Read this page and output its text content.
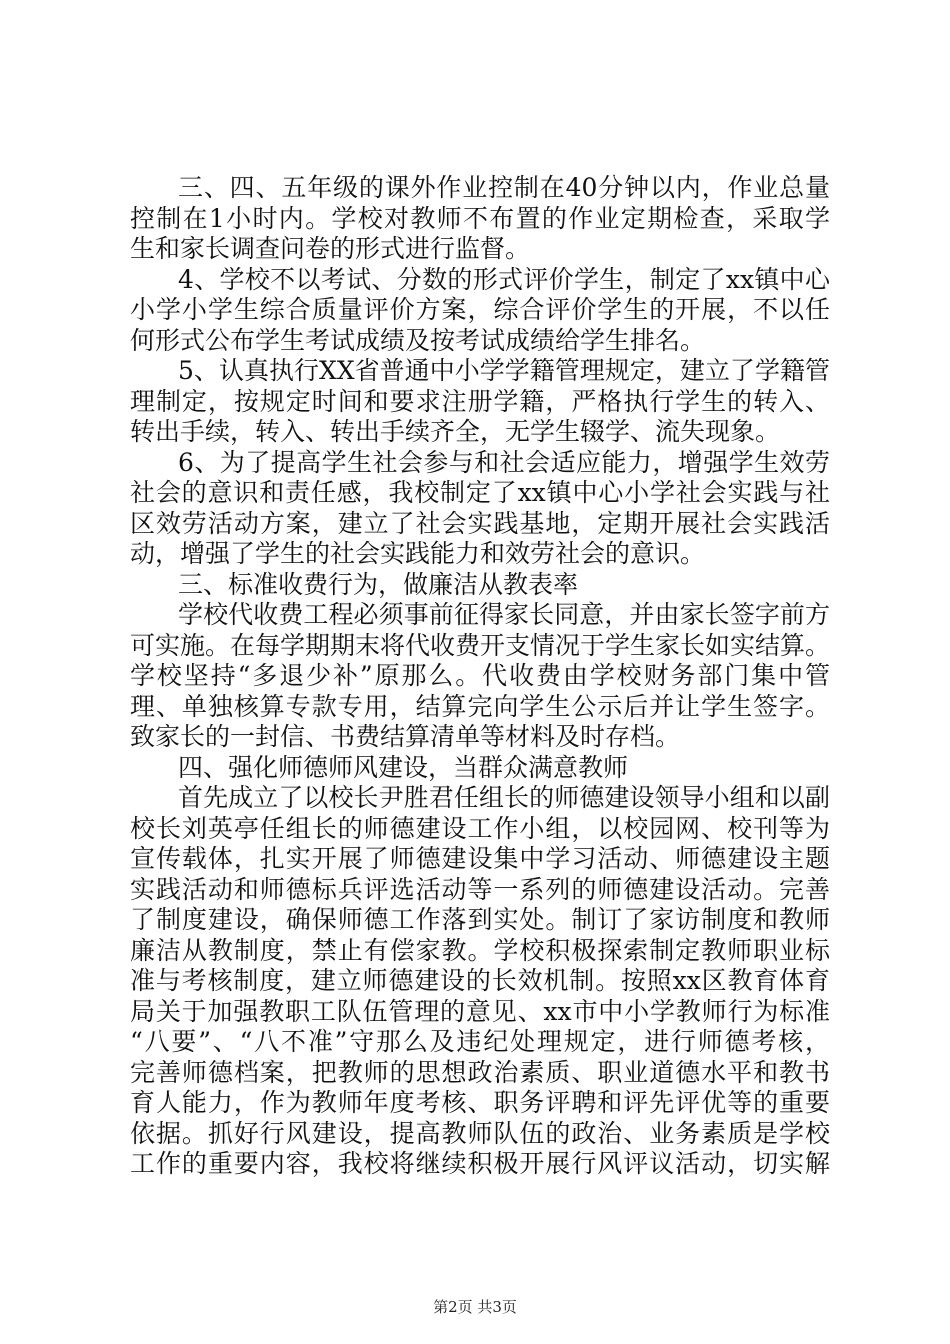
三、四、五年级的课外作业控制在40分钟以内，作业总量
控制在1小时内。学校对教师不布置的作业定期检查，采取学
生和家长调查问卷的形式进行监督。
4、学校不以考试、分数的形式评价学生，制定了xx镇中心
小学小学生综合质量评价方案，综合评价学生的开展，不以任
何形式公布学生考试成绩及按考试成绩给学生排名。
5、认真执行XX省普通中小学学籍管理规定，建立了学籍管
理制定，按规定时间和要求注册学籍，严格执行学生的转入、
转出手续，转入、转出手续齐全，无学生辍学、流失现象。
6、为了提高学生社会参与和社会适应能力，增强学生效劳
社会的意识和责任感，我校制定了xx镇中心小学社会实践与社
区效劳活动方案，建立了社会实践基地，定期开展社会实践活
动，增强了学生的社会实践能力和效劳社会的意识。
三、标准收费行为，做廉洁从教表率
学校代收费工程必须事前征得家长同意，并由家长签字前方
可实施。在每学期期末将代收费开支情况于学生家长如实结算。
学校坚持“多退少补”原那么。代收费由学校财务部门集中管
理、单独核算专款专用，结算完向学生公示后并让学生签字。
致家长的一封信、书费结算清单等材料及时存档。
四、强化师德师风建设，当群众满意教师
首先成立了以校长尹胜君任组长的师德建设领导小组和以副
校长刘英亭任组长的师德建设工作小组，以校园网、校刊等为
宣传载体，扎实开展了师德建设集中学习活动、师德建设主题
实践活动和师德标兵评选活动等一系列的师德建设活动。完善
了制度建设，确保师德工作落到实处。制订了家访制度和教师
廉洁从教制度，禁止有偿家教。学校积极探索制定教师职业标
准与考核制度，建立师德建设的长效机制。按照xx区教育体育
局关于加强教职工队伍管理的意见、xx市中小学教师行为标准
“八要”、“八不准”守那么及违纪处理规定，进行师德考核，
完善师德档案，把教师的思想政治素质、职业道德水平和教书
育人能力，作为教师年度考核、职务评聘和评先评优等的重要
依据。抓好行风建设，提高教师队伍的政治、业务素质是学校
工作的重要内容，我校将继续积极开展行风评议活动，切实解
第2页 共3页
